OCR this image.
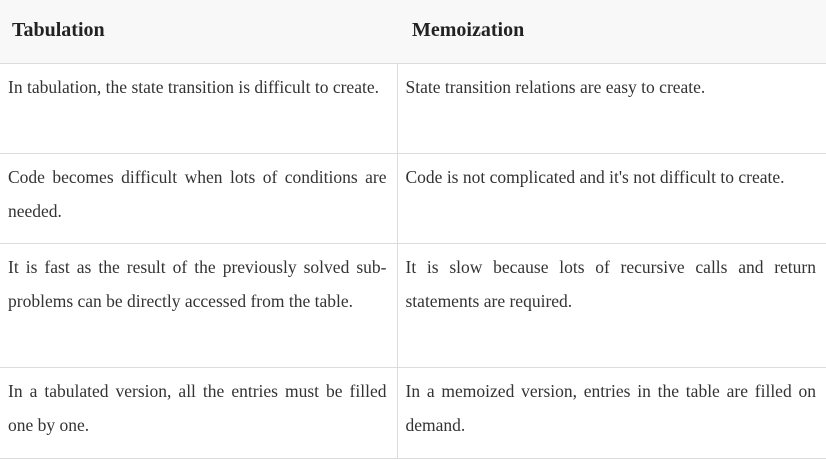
Tabulation	Memoization
In tabulation, the state transition is difficult to create.	State transition relations are easy to create.
Code becomes difficult when lots of conditions are needed.	Code is not complicated and it's not difficult to create.
It is fast as the result of the previously solved sub-problems can be directly accessed from the table.	It is slow because lots of recursive calls and return statements are required.
In a tabulated version, all the entries must be filled one by one.	In a memoized version, entries in the table are filled on demand.
